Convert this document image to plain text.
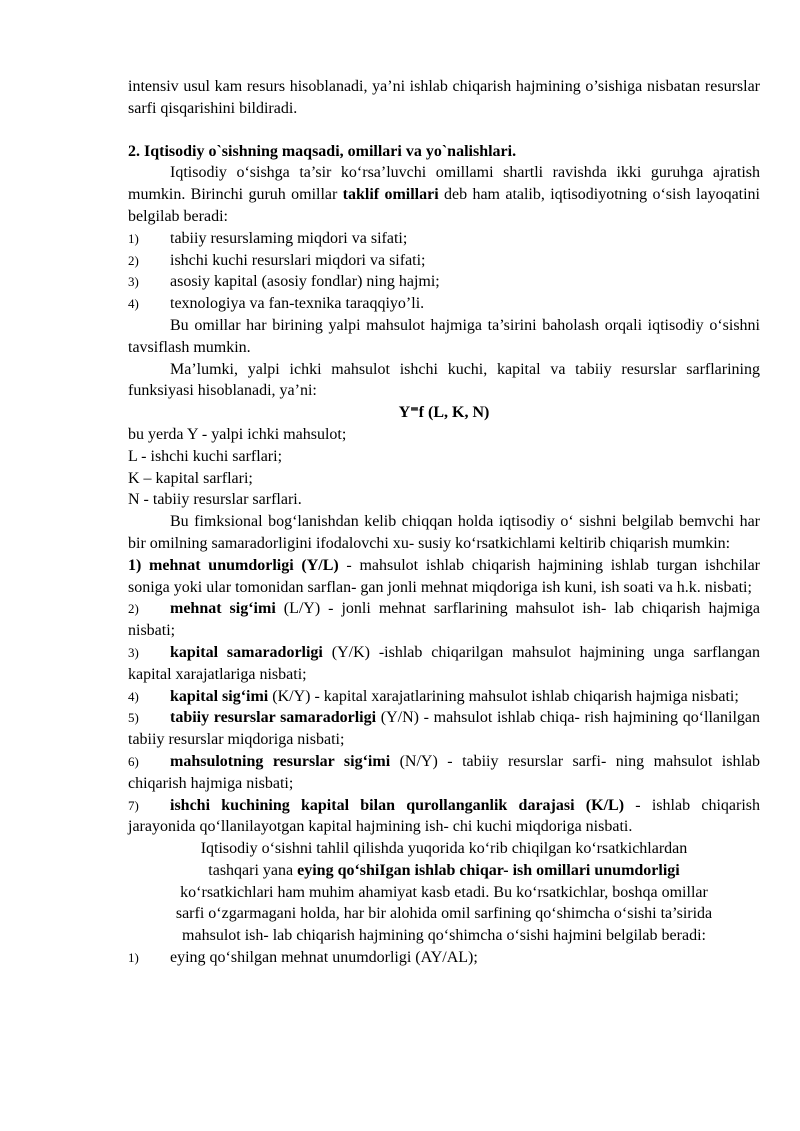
intensiv usul kam resurs hisoblanadi, ya’ni ishlab chiqarish hajmining o’sishiga nisbatan resurslar sarfi qisqarishini bildiradi.

2. Iqtisodiy o`sishning maqsadi, omillari va yo`nalishlari.

Iqtisodiy o‘sishga ta’sir ko‘rsa’luvchi omillami shartli ravishda ikki guruhga ajratish mumkin. Birinchi guruh omillar taklif omillari deb ham atalib, iqtisodiyotning o‘sish layoqatini belgilab beradi:

1) tabiiy resurslaming miqdori va sifati;

2) ishchi kuchi resurslari miqdori va sifati;

3) asosiy kapital (asosiy fondlar) ning hajmi;

4) texnologiya va fan-texnika taraqqiyo’li.

Bu omillar har birining yalpi mahsulot hajmiga ta’sirini baholash orqali iqtisodiy o‘sishni tavsiflash mumkin.

Ma’lumki, yalpi ichki mahsulot ishchi kuchi, kapital va tabiiy resurslar sarflarining funksiyasi hisoblanadi, ya’ni:

Y⁼f (L, K, N)

bu yerda Y - yalpi ichki mahsulot;

L - ishchi kuchi sarflari;

K – kapital sarflari;

N - tabiiy resurslar sarflari.

Bu fimksional bog‘lanishdan kelib chiqqan holda iqtisodiy o‘ sishni belgilab bemvchi har bir omilning samaradorligini ifodalovchi xu- susiy ko‘rsatkichlami keltirib chiqarish mumkin:

1) mehnat unumdorligi (Y/L) - mahsulot ishlab chiqarish hajmining ishlab turgan ishchilar soniga yoki ular tomonidan sarflan- gan jonli mehnat miqdoriga ish kuni, ish soati va h.k. nisbati;

2) mehnat sig‘imi (L/Y) - jonli mehnat sarflarining mahsulot ish- lab chiqarish hajmiga nisbati;

3) kapital samaradorligi (Y/K) -ishlab chiqarilgan mahsulot hajmining unga sarflangan kapital xarajatlariga nisbati;

4) kapital sig‘imi (K/Y) - kapital xarajatlarining mahsulot ishlab chiqarish hajmiga nisbati;

5) tabiiy resurslar samaradorligi (Y/N) - mahsulot ishlab chiqa- rish hajmining qo‘llanilgan tabiiy resurslar miqdoriga nisbati;

6) mahsulotning resurslar sig‘imi (N/Y) - tabiiy resurslar sarfi- ning mahsulot ishlab chiqarish hajmiga nisbati;

7) ishchi kuchining kapital bilan qurollanganlik darajasi (K/L) - ishlab chiqarish jarayonida qo‘llanilayotgan kapital hajmining ish- chi kuchi miqdoriga nisbati.

Iqtisodiy o‘sishni tahlil qilishda yuqorida ko‘rib chiqilgan ko‘rsatkichlardan

tashqari yana eying qo‘shiIgan ishlab chiqar- ish omillari unumdorligi

ko‘rsatkichlari ham muhim ahamiyat kasb etadi. Bu ko‘rsatkichlar, boshqa omillar

sarfi o‘zgarmagani holda, har bir alohida omil sarfining qo‘shimcha o‘sishi ta’sirida

mahsulot ish- lab chiqarish hajmining qo‘shimcha o‘sishi hajmini belgilab beradi:

1) eying qo‘shilgan mehnat unumdorligi (AY/AL);
